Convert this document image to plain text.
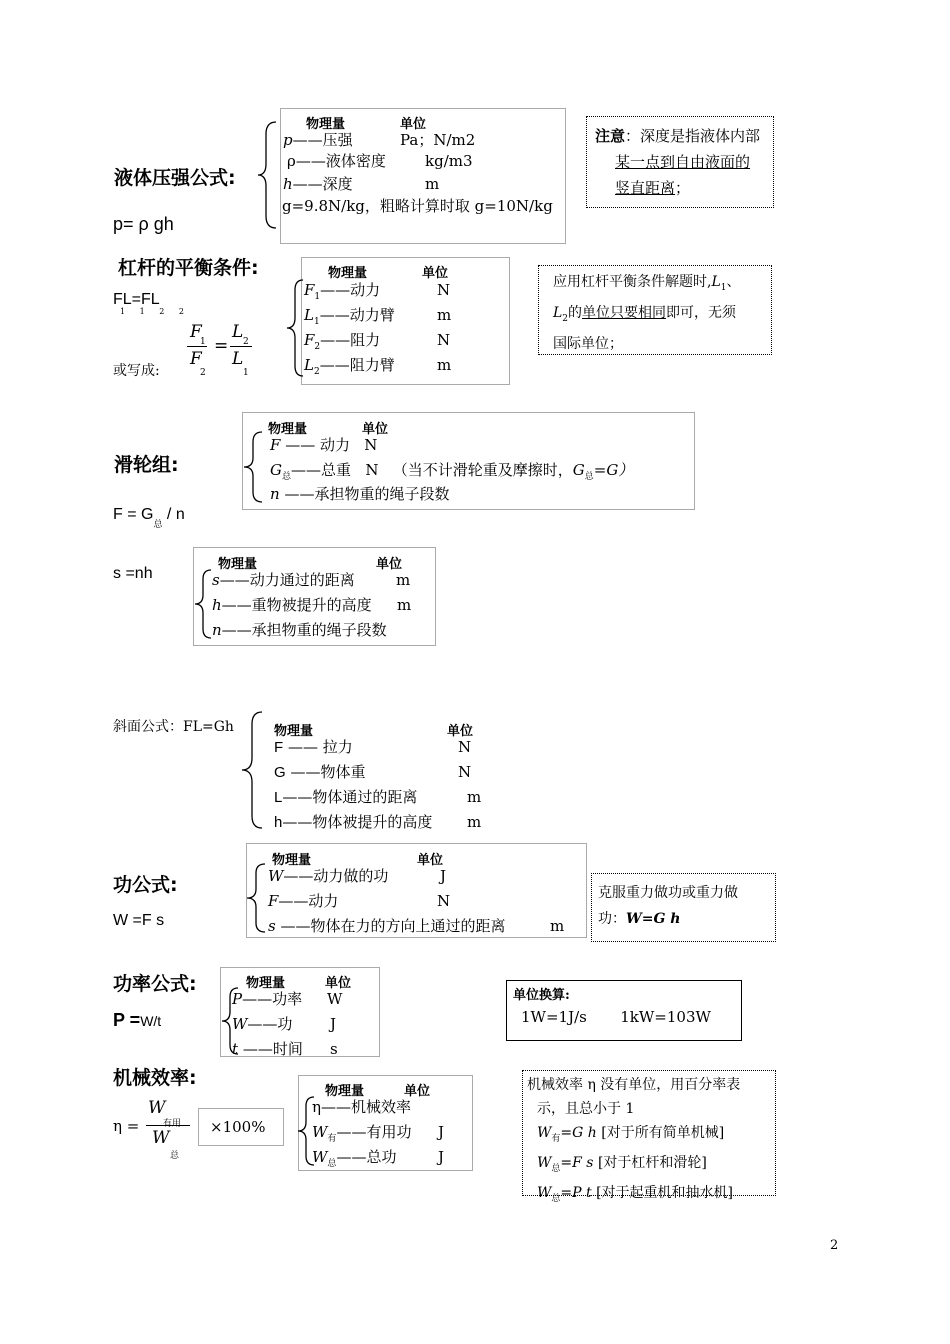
液体压强公式:
p= ρ gh
物理量	单位
p——压强	Pa；N/m2
ρ——液体密度	kg/m3
h——深度	m
g=9.8N/kg，粗略计算时取 g=10N/kg
注意：深度是指液体内部
某一点到自由液面的
竖直距离；
杠杆的平衡条件:
FL=FL
1 1 2 2
或写成:
F
1
F
2
=
L 2
L
1
物理量	单位
$F_1——$动力	N
$L_1——$动力臂	m
$F_2——$阻力	N
$L_2——$阻力臂	m
应用杠杆平衡条件解题时$,L_1$、
$L_2$的单位只要相同即可，无须
国际单位；
滑轮组:
$F = G_总 / n$
物理量	单位
F —— 动力 N
$G_总——$总重 N （当不计滑轮重及摩擦时，$G_总=G$）
n ——承担物重的绳子段数
s =nh
物理量	单位
s——动力通过的距离	m
h——重物被提升的高度 m
n——承担物重的绳子段数
斜面公式：FL=Gh	物理量	单位
F —— 拉力	N
G ——物体重	N
L——物体通过的距离	m
h——物体被提升的高度 m
功公式:
W =F s
物理量	单位
W——动力做的功	J
F——动力	N
s ——物体在力的方向上通过的距离	m
克服重力做功或重力做
功：W=G h
功率公式:
P =W/t
物理量	单位
P——功率 W
W——功	J
t ——时间 s
单位换算:
1W=1J/s 1kW=103W
机械效率:
η =
W
有用
W
总
×100%
物理量	单位
η——机械效率
$W_有——$有用功 J
$W_总——$总功	J
机械效率 η 没有单位，用百分率表
示，且总小于 1
$W_有=G$ h [对于所有简单机械]
$W_总=F$ s [对于杠杆和滑轮]
$W_总=P$ t [对于起重机和抽水机]
2
